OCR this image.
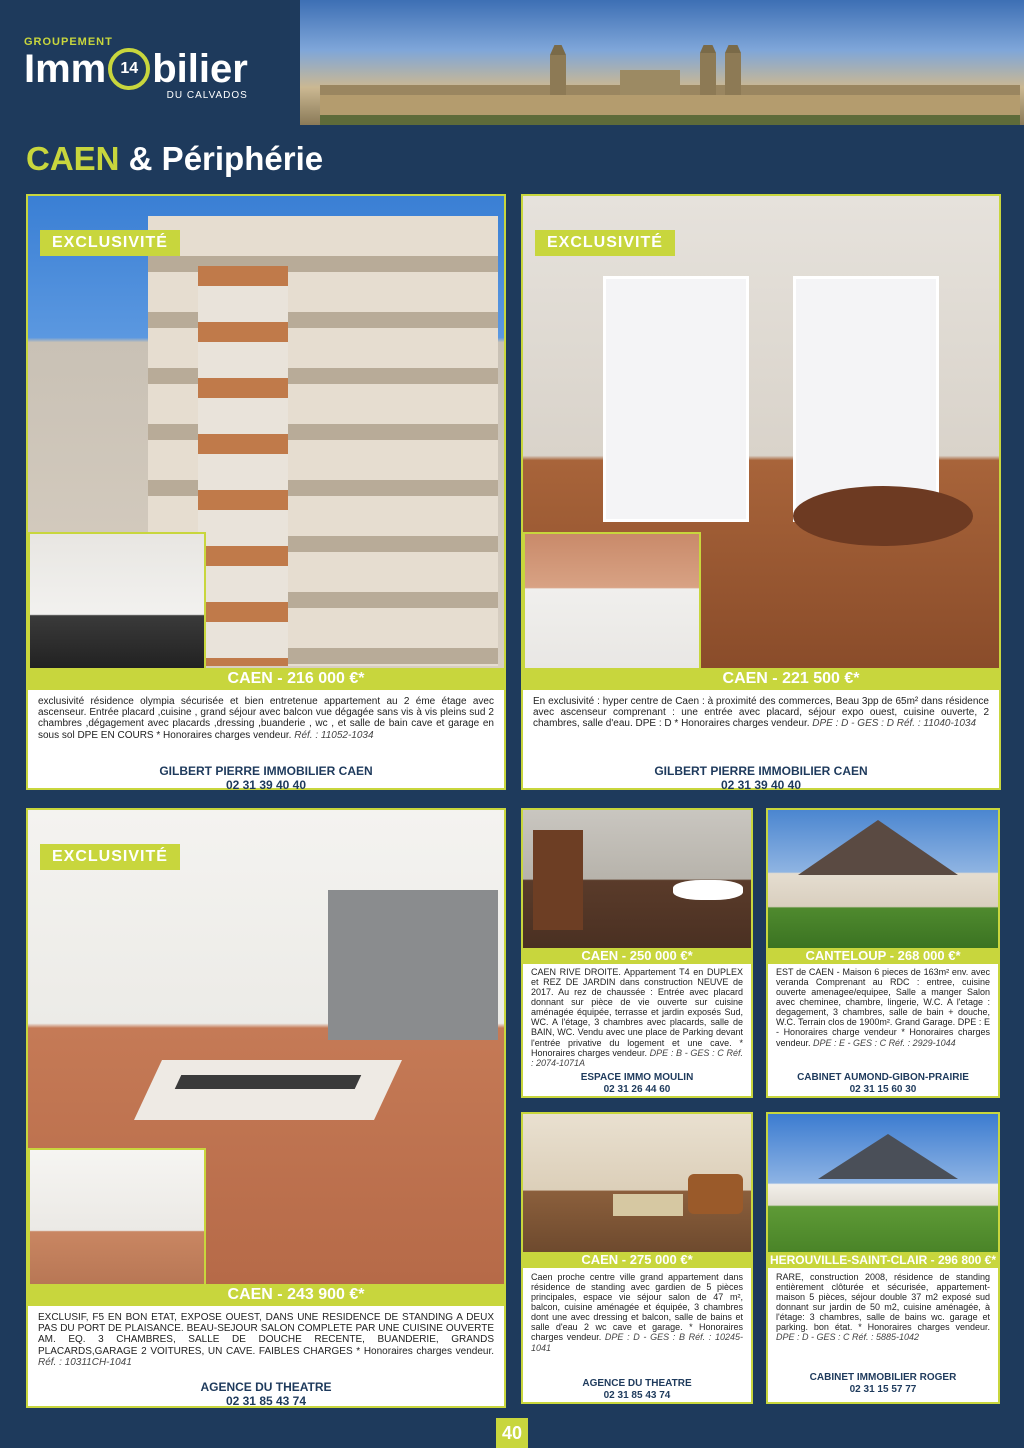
GROUPEMENT
Imm 14 bilier
DU CALVADOS
CAEN & Périphérie
EXCLUSIVITÉ
CAEN - 216 000 €*
exclusivité résidence olympia sécurisée et bien entretenue appartement au 2 éme étage avec ascenseur. Entrée placard ,cuisine , grand séjour avec balcon vue dégagée sans vis à vis pleins sud 2 chambres ,dégagement avec placards ,dressing ,buanderie , wc , et salle de bain cave et garage en sous sol DPE EN COURS * Honoraires charges vendeur. Réf. : 11052-1034
GILBERT PIERRE IMMOBILIER CAEN
02 31 39 40 40
EXCLUSIVITÉ
CAEN - 221 500 €*
En exclusivité : hyper centre de Caen : à proximité des commerces, Beau 3pp de 65m² dans résidence avec ascenseur comprenant : une entrée avec placard, séjour expo ouest, cuisine ouverte, 2 chambres, salle d'eau. DPE : D * Honoraires charges vendeur. DPE : D - GES : D Réf. : 11040-1034
GILBERT PIERRE IMMOBILIER CAEN
02 31 39 40 40
EXCLUSIVITÉ
CAEN - 243 900 €*
EXCLUSIF, F5 EN BON ETAT, EXPOSE OUEST, DANS UNE RESIDENCE DE STANDING A DEUX PAS DU PORT DE PLAISANCE. BEAU-SEJOUR SALON COMPLETE PAR UNE CUISINE OUVERTE AM. EQ. 3 CHAMBRES, SALLE DE DOUCHE RECENTE, BUANDERIE, GRANDS PLACARDS,GARAGE 2 VOITURES, UN CAVE. FAIBLES CHARGES * Honoraires charges vendeur. Réf. : 10311CH-1041
AGENCE DU THEATRE
02 31 85 43 74
CAEN - 250 000 €*
CAEN RIVE DROITE. Appartement T4 en DUPLEX et REZ DE JARDIN dans construction NEUVE de 2017. Au rez de chaussée : Entrée avec placard donnant sur pièce de vie ouverte sur cuisine aménagée équipée, terrasse et jardin exposés Sud, WC. A l'étage, 3 chambres avec placards, salle de BAIN, WC. Vendu avec une place de Parking devant l'entrée privative du logement et une cave. * Honoraires charges vendeur. DPE : B - GES : C Réf. : 2074-1071A
ESPACE IMMO MOULIN
02 31 26 44 60
CANTELOUP - 268 000 €*
EST de CAEN - Maison 6 pieces de 163m² env. avec veranda Comprenant au RDC : entree, cuisine ouverte amenagee/equipee, Salle a manger Salon avec cheminee, chambre, lingerie, W.C. A l'etage : degagement, 3 chambres, salle de bain + douche, W.C. Terrain clos de 1900m². Grand Garage. DPE : E - Honoraires charge vendeur * Honoraires charges vendeur. DPE : E - GES : C Réf. : 2929-1044
CABINET AUMOND-GIBON-PRAIRIE
02 31 15 60 30
CAEN - 275 000 €*
Caen proche centre ville grand appartement dans résidence de standing avec gardien de 5 pièces principales, espace vie séjour salon de 47 m², balcon, cuisine aménagée et équipée, 3 chambres dont une avec dressing et balcon, salle de bains et salle d'eau 2 wc cave et garage. * Honoraires charges vendeur. DPE : D - GES : B Réf. : 10245-1041
AGENCE DU THEATRE
02 31 85 43 74
HEROUVILLE-SAINT-CLAIR - 296 800 €*
RARE, construction 2008, résidence de standing entièrement clôturée et sécurisée, appartement-maison 5 pièces, séjour double 37 m2 exposé sud donnant sur jardin de 50 m2, cuisine aménagée, à l'étage: 3 chambres, salle de bains wc. garage et parking. bon état. * Honoraires charges vendeur. DPE : D - GES : C Réf. : 5885-1042
CABINET IMMOBILIER ROGER
02 31 15 57 77
40
